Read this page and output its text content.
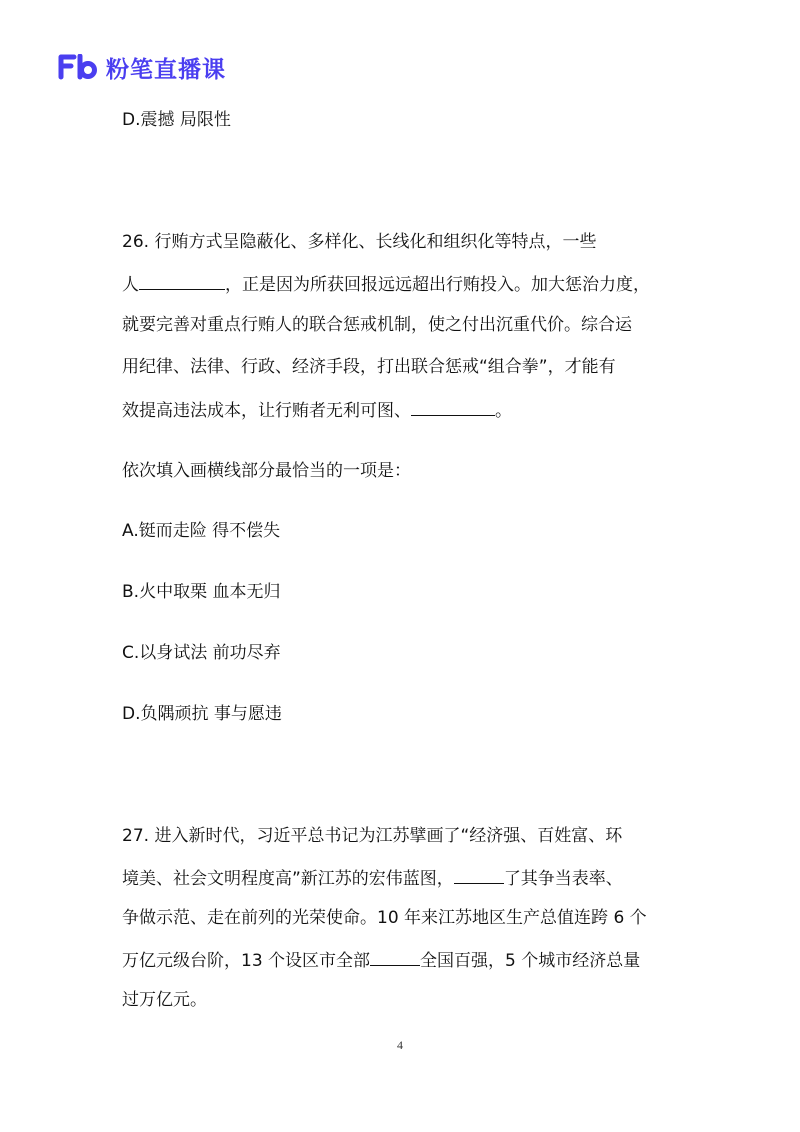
粉笔直播课
D.震撼 局限性
26. 行贿方式呈隐蔽化、多样化、长线化和组织化等特点，一些
人	，正是因为所获回报远远超出行贿投入。加大惩治力度，
就要完善对重点行贿人的联合惩戒机制，使之付出沉重代价。综合运
用纪律、法律、行政、经济手段，打出联合惩戒“组合拳”，才能有
效提高违法成本，让行贿者无利可图、	。
依次填入画横线部分最恰当的一项是：
A.铤而走险 得不偿失
B.火中取栗 血本无归
C.以身试法 前功尽弃
D.负隅顽抗 事与愿违
27. 进入新时代，习近平总书记为江苏擘画了“经济强、百姓富、环
境美、社会文明程度高”新江苏的宏伟蓝图，	了其争当表率、
争做示范、走在前列的光荣使命。10 年来江苏地区生产总值连跨 6 个
万亿元级台阶，13 个设区市全部	全国百强，5 个城市经济总量
过万亿元。
4
